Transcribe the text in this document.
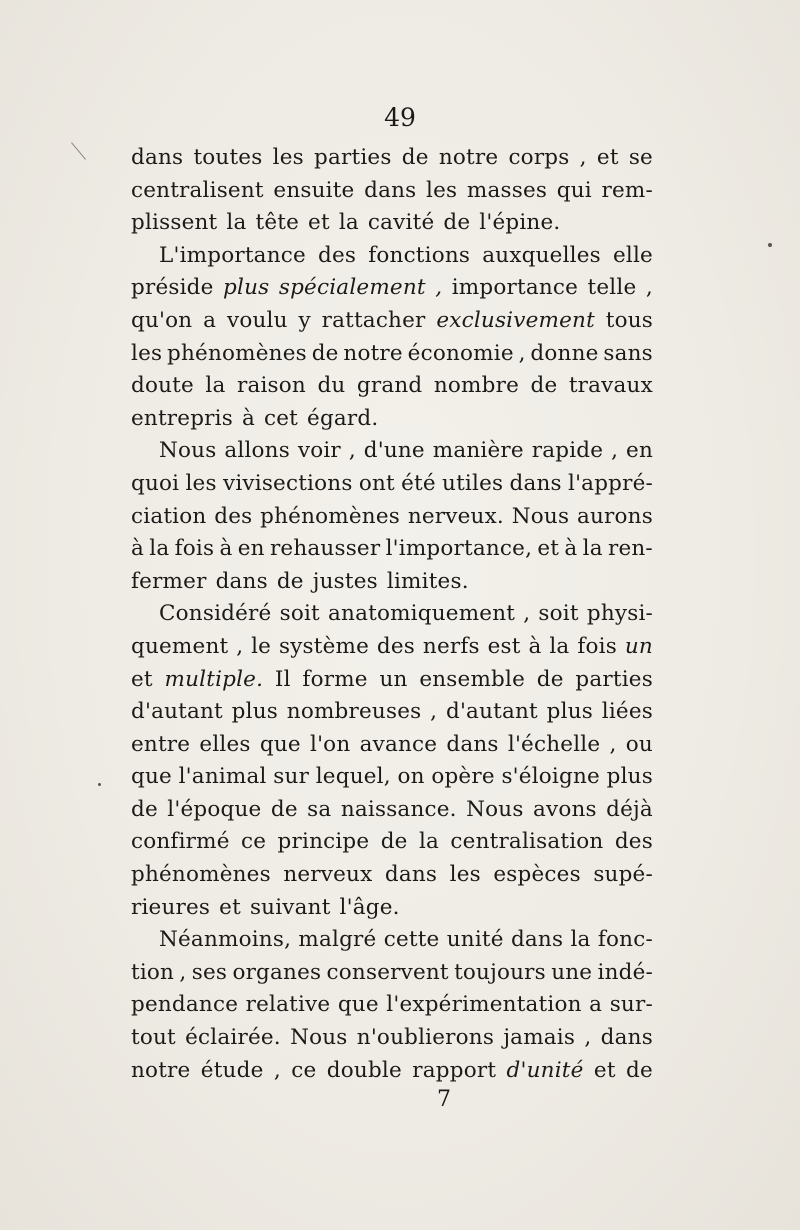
49
dans toutes les parties de notre corps , et se
centralisent ensuite dans les masses qui rem-
plissent la tête et la cavité de l'épine.
L'importance des fonctions auxquelles elle
préside plus spécialement , importance telle ,
qu'on a voulu y rattacher exclusivement tous
les phénomènes de notre économie , donne sans
doute la raison du grand nombre de travaux
entrepris à cet égard.
Nous allons voir , d'une manière rapide , en
quoi les vivisections ont été utiles dans l'appré-
ciation des phénomènes nerveux. Nous aurons
à la fois à en rehausser l'importance, et à la ren-
fermer dans de justes limites.
Considéré soit anatomiquement , soit physi-
quement , le système des nerfs est à la fois un
et multiple. Il forme un ensemble de parties
d'autant plus nombreuses , d'autant plus liées
entre elles que l'on avance dans l'échelle , ou
que l'animal sur lequel, on opère s'éloigne plus
de l'époque de sa naissance. Nous avons déjà
confirmé ce principe de la centralisation des
phénomènes nerveux dans les espèces supé-
rieures et suivant l'âge.
Néanmoins, malgré cette unité dans la fonc-
tion , ses organes conservent toujours une indé-
pendance relative que l'expérimentation a sur-
tout éclairée. Nous n'oublierons jamais , dans
notre étude , ce double rapport d'unité et de
7
